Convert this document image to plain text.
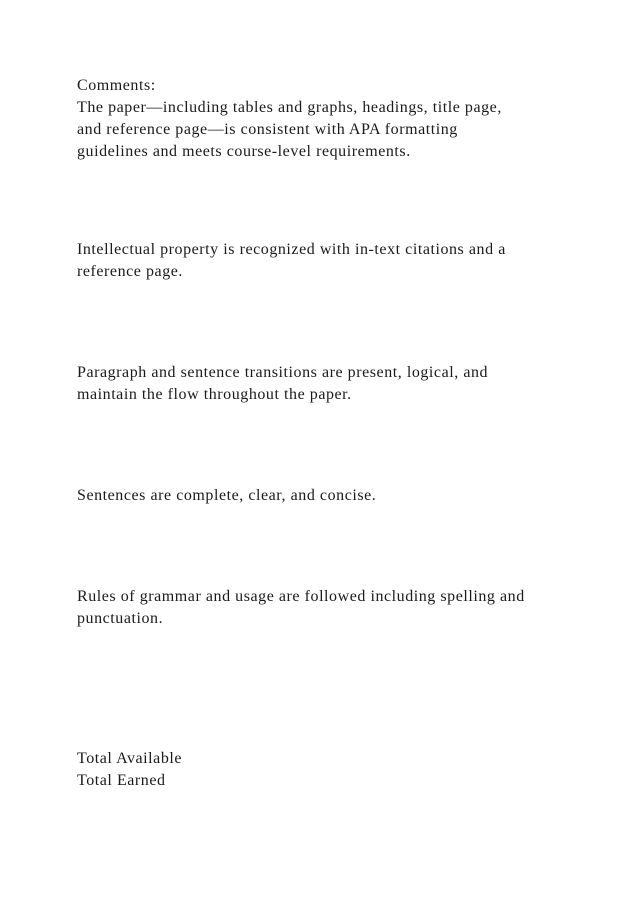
Comments:
The paper—including tables and graphs, headings, title page,
and reference page—is consistent with APA formatting
guidelines and meets course-level requirements.
Intellectual property is recognized with in-text citations and a
reference page.
Paragraph and sentence transitions are present, logical, and
maintain the flow throughout the paper.
Sentences are complete, clear, and concise.
Rules of grammar and usage are followed including spelling and
punctuation.
Total Available
Total Earned
